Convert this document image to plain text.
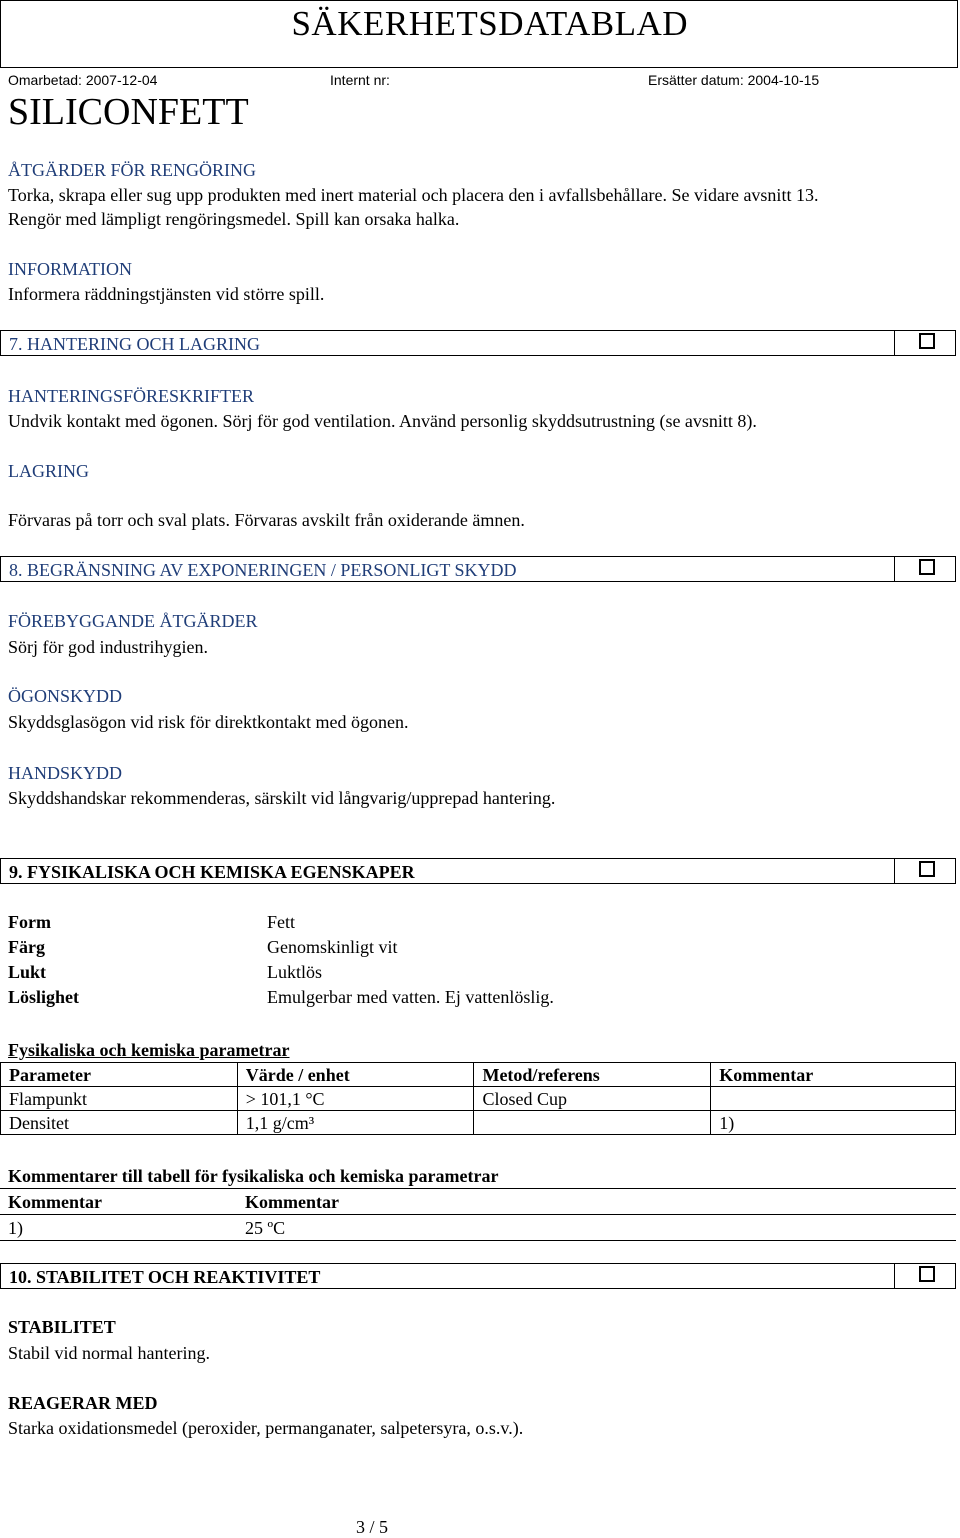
SÄKERHETSDATABLAD
Omarbetad: 2007-12-04	Internt nr:	Ersätter datum: 2004-10-15
SILICONFETT
ÅTGÄRDER FÖR RENGÖRING
Torka, skrapa eller sug upp produkten med inert material och placera den i avfallsbehållare. Se vidare avsnitt 13.
Rengör med lämpligt rengöringsmedel. Spill kan orsaka halka.
INFORMATION
Informera räddningstjänsten vid större spill.
7. HANTERING OCH LAGRING
HANTERINGSFÖRESKRIFTER
Undvik kontakt med ögonen. Sörj för god ventilation. Använd personlig skyddsutrustning (se avsnitt 8).
LAGRING
Förvaras på torr och sval plats. Förvaras avskilt från oxiderande ämnen.
8. BEGRÄNSNING AV EXPONERINGEN / PERSONLIGT SKYDD
FÖREBYGGANDE ÅTGÄRDER
Sörj för god industrihygien.
ÖGONSKYDD
Skyddsglasögon vid risk för direktkontakt med ögonen.
HANDSKYDD
Skyddshandskar rekommenderas, särskilt vid långvarig/upprepad hantering.
9. FYSIKALISKA OCH KEMISKA EGENSKAPER
Form	Fett
Färg	Genomskinligt vit
Lukt	Luktlös
Löslighet	Emulgerbar med vatten. Ej vattenlöslig.
Fysikaliska och kemiska parametrar
Parameter	Värde / enhet	Metod/referens	Kommentar
Flampunkt	> 101,1 °C	Closed Cup	
Densitet	1,1 g/cm³		1)
Kommentarer till tabell för fysikaliska och kemiska parametrar
Kommentar	Kommentar
1)	25 ºC
10. STABILITET OCH REAKTIVITET
STABILITET
Stabil vid normal hantering.
REAGERAR MED
Starka oxidationsmedel (peroxider, permanganater, salpetersyra, o.s.v.).
3 / 5
